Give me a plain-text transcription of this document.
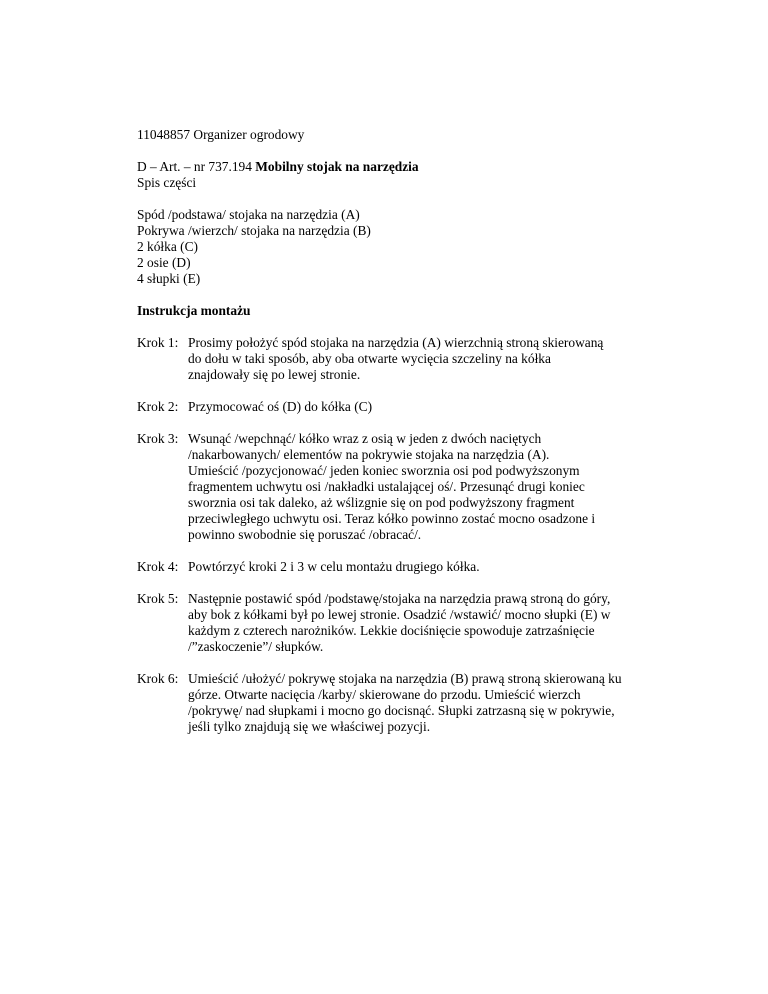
11048857 Organizer ogrodowy
D – Art. – nr 737.194 Mobilny stojak na narzędzia
Spis części
Spód /podstawa/ stojaka na narzędzia (A)
Pokrywa /wierzch/ stojaka na narzędzia (B)
2 kółka (C)
2 osie (D)
4 słupki (E)
Instrukcja montażu
Krok 1: Prosimy położyć spód stojaka na narzędzia (A) wierzchnią stroną skierowaną
do dołu w taki sposób, aby oba otwarte wycięcia szczeliny na kółka
znajdowały się po lewej stronie.
Krok 2: Przymocować oś (D) do kółka (C)
Krok 3: Wsunąć /wepchnąć/ kółko wraz z osią w jeden z dwóch naciętych
/nakarbowanych/ elementów na pokrywie stojaka na narzędzia (A).
Umieścić /pozycjonować/ jeden koniec sworznia osi pod podwyższonym
fragmentem uchwytu osi /nakładki ustalającej oś/. Przesunąć drugi koniec
sworznia osi tak daleko, aż wślizgnie się on pod podwyższony fragment
przeciwległego uchwytu osi. Teraz kółko powinno zostać mocno osadzone i
powinno swobodnie się poruszać /obracać/.
Krok 4: Powtórzyć kroki 2 i 3 w celu montażu drugiego kółka.
Krok 5: Następnie postawić spód /podstawę/stojaka na narzędzia prawą stroną do góry,
aby bok z kółkami był po lewej stronie. Osadzić /wstawić/ mocno słupki (E) w
każdym z czterech narożników. Lekkie dociśnięcie spowoduje zatrzaśnięcie
/”zaskoczenie”/ słupków.
Krok 6: Umieścić /ułożyć/ pokrywę stojaka na narzędzia (B) prawą stroną skierowaną ku
górze. Otwarte nacięcia /karby/ skierowane do przodu. Umieścić wierzch
/pokrywę/ nad słupkami i mocno go docisnąć. Słupki zatrzasną się w pokrywie,
jeśli tylko znajdują się we właściwej pozycji.
